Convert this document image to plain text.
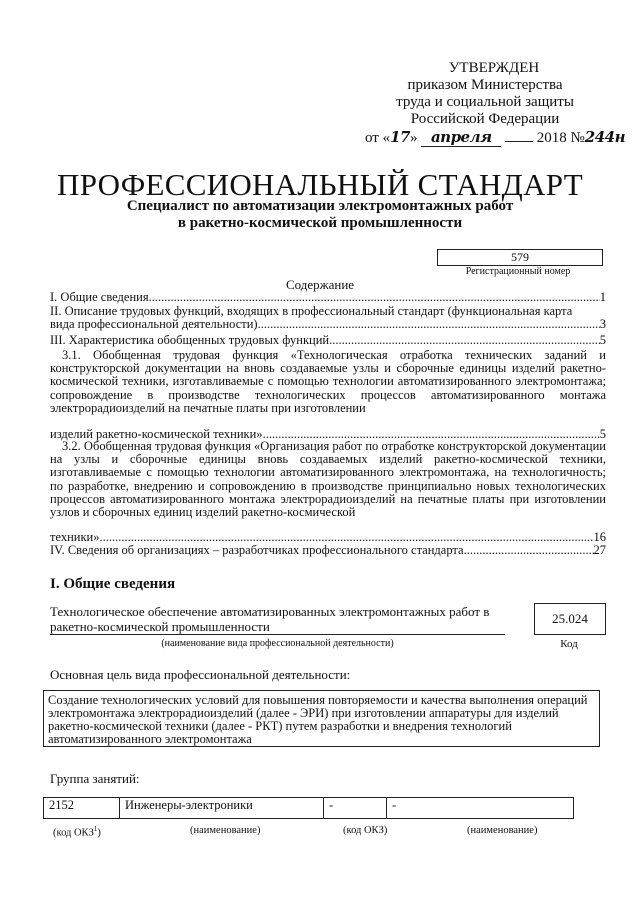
УТВЕРЖДЕН
приказом Министерства
труда и социальной защиты
Российской Федерации
от «17» апреля	2018 №244н
ПРОФЕССИОНАЛЬНЫЙ СТАНДАРТ
Специалист по автоматизации электромонтажных работ
в ракетно-космической промышленности
579
Регистрационный номер
Содержание
I. Общие сведения .....	1
II. Описание трудовых функций, входящих в профессиональный стандарт (функциональная карта
вида профессиональной деятельности) .....	3
III. Характеристика обобщенных трудовых функций .....	5
3.1. Обобщенная трудовая функция «Технологическая отработка технических заданий и конструкторской документации на вновь создаваемые узлы и сборочные единицы изделий ракетно-космической техники, изготавливаемые с помощью технологии автоматизированного электромонтажа; сопровождение в производстве технологических процессов автоматизированного монтажа электрорадиоизделий на печатные платы при изготовлении
изделий ракетно-космической техники» .....	5
3.2. Обобщенная трудовая функция «Организация работ по отработке конструкторской документации на узлы и сборочные единицы вновь создаваемых изделий ракетно-космической техники, изготавливаемые с помощью технологии автоматизированного электромонтажа, на технологичность; по разработке, внедрению и сопровождению в производстве принципиально новых технологических процессов автоматизированного монтажа электрорадиоизделий на печатные платы при изготовлении узлов и сборочных единиц изделий ракетно-космической
техники» .....	16
IV. Сведения об организациях – разработчиках профессионального стандарта .....	27
I. Общие сведения
Технологическое обеспечение автоматизированных электромонтажных работ в ракетно-космической промышленности
(наименование вида профессиональной деятельности)
25.024
Код
Основная цель вида профессиональной деятельности:
Создание технологических условий для повышения повторяемости и качества выполнения операций электромонтажа электрорадиоизделий (далее - ЭРИ) при изготовлении аппаратуры для изделий ракетно-космической техники (далее - РКТ) путем разработки и внедрения технологий автоматизированного электромонтажа
Группа занятий:
2152	Инженеры-электроники	-	-
(код ОКЗ$^1$)	(наименование)	(код ОКЗ)	(наименование)
